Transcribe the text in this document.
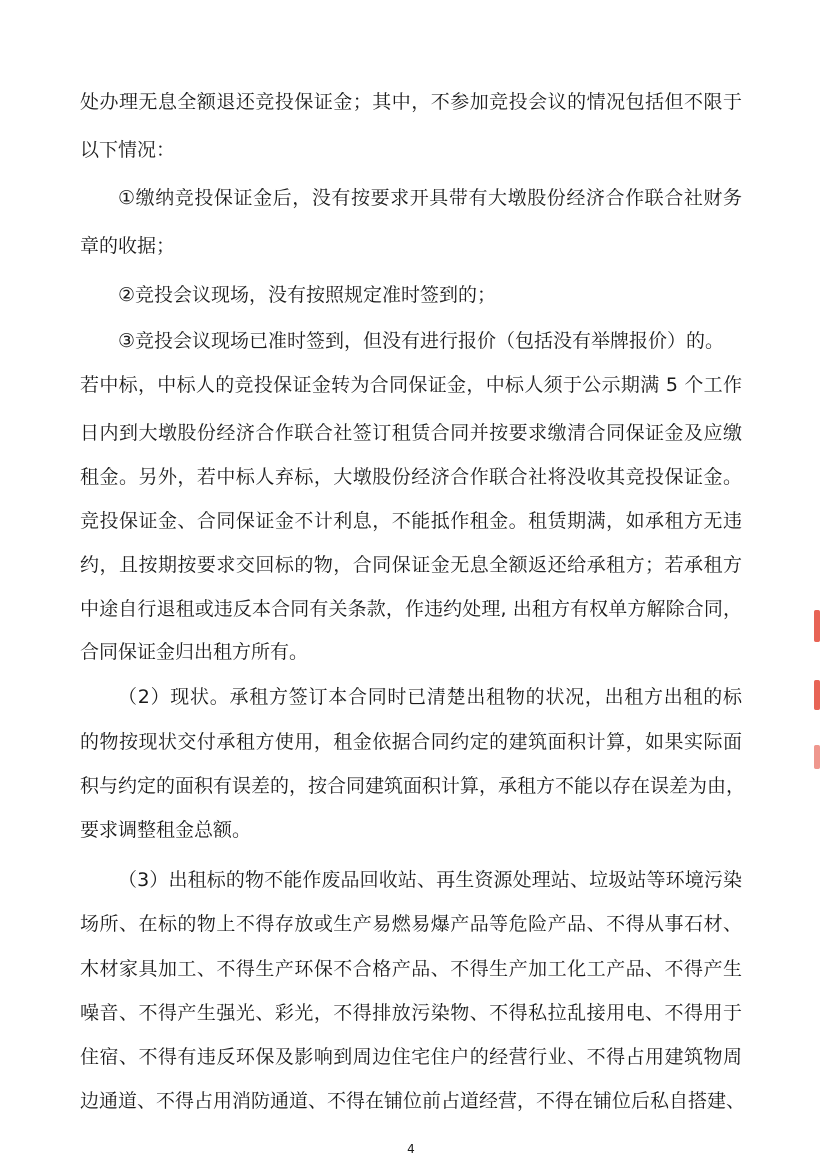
处办理无息全额退还竞投保证金；其中，不参加竞投会议的情况包括但不限于
以下情况：
①缴纳竞投保证金后，没有按要求开具带有大墩股份经济合作联合社财务
章的收据；
②竞投会议现场，没有按照规定准时签到的；
③竞投会议现场已准时签到，但没有进行报价（包括没有举牌报价）的。
若中标，中标人的竞投保证金转为合同保证金，中标人须于公示期满 5 个工作
日内到大墩股份经济合作联合社签订租赁合同并按要求缴清合同保证金及应缴
租金。另外，若中标人弃标，大墩股份经济合作联合社将没收其竞投保证金。
竞投保证金、合同保证金不计利息，不能抵作租金。租赁期满，如承租方无违
约，且按期按要求交回标的物，合同保证金无息全额返还给承租方；若承租方
中途自行退租或违反本合同有关条款，作违约处理, 出租方有权单方解除合同，
合同保证金归出租方所有。
（2）现状。承租方签订本合同时已清楚出租物的状况，出租方出租的标
的物按现状交付承租方使用，租金依据合同约定的建筑面积计算，如果实际面
积与约定的面积有误差的，按合同建筑面积计算，承租方不能以存在误差为由，
要求调整租金总额。
（3）出租标的物不能作废品回收站、再生资源处理站、垃圾站等环境污染
场所、在标的物上不得存放或生产易燃易爆产品等危险产品、不得从事石材、
木材家具加工、不得生产环保不合格产品、不得生产加工化工产品、不得产生
噪音、不得产生强光、彩光，不得排放污染物、不得私拉乱接用电、不得用于
住宿、不得有违反环保及影响到周边住宅住户的经营行业、不得占用建筑物周
边通道、不得占用消防通道、不得在铺位前占道经营，不得在铺位后私自搭建、
4
